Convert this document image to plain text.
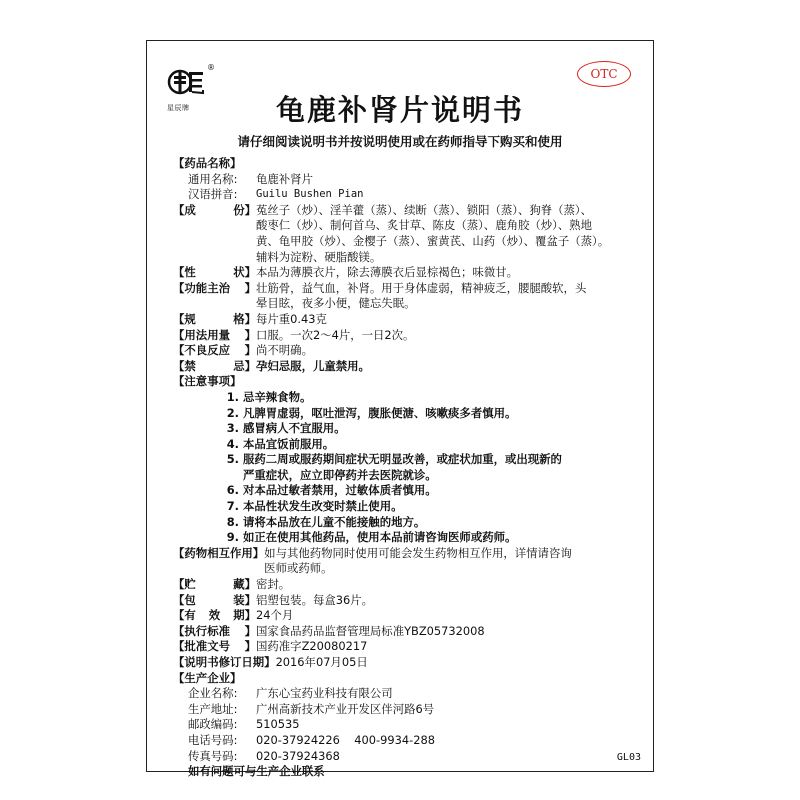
®
星辰牌
OTC
龟鹿补肾片说明书
请仔细阅读说明书并按说明使用或在药师指导下购买和使用
【 药品名称 】
通用名称:	龟鹿补肾片
汉语拼音:	Guilu Bushen Pian
【 成	份 】 菟丝子（炒）、淫羊藿（蒸）、续断（蒸）、锁阳（蒸）、狗脊（蒸）、
酸枣仁（炒）、制何首乌、炙甘草、陈皮（蒸）、鹿角胶（炒）、熟地
黄、龟甲胶（炒）、金樱子（蒸）、蜜黄芪、山药（炒）、覆盆子（蒸）。
辅料为淀粉、硬脂酸镁。
【 性	状 】 本品为薄膜衣片，除去薄膜衣后显棕褐色；味微甘。
【 功能主治	】 壮筋骨，益气血，补肾。用于身体虚弱，精神疲乏，腰腿酸软，头
晕目眩，夜多小便，健忘失眠。
【 规	格 】 每片重0.43克
【 用法用量	】 口服。一次2～4片，一日2次。
【 不良反应	】 尚不明确。
【 禁	忌 】 孕妇忌服，儿童禁用。
【 注意事项 】
1. 忌辛辣食物。
2. 凡脾胃虚弱，呕吐泄泻，腹胀便溏、咳嗽痰多者慎用。
3. 感冒病人不宜服用。
4. 本品宜饭前服用。
5. 服药二周或服药期间症状无明显改善，或症状加重，或出现新的
严重症状，应立即停药并去医院就诊。
6. 对本品过敏者禁用，过敏体质者慎用。
7. 本品性状发生改变时禁止使用。
8. 请将本品放在儿童不能接触的地方。
9. 如正在使用其他药品，使用本品前请咨询医师或药师。
【 药物相互作用 】 如与其他药物同时使用可能会发生药物相互作用，详情请咨询
医师或药师。
【 贮	藏 】 密封。
【 包	装 】 铝塑包装。每盒36片。
【 有 效 期 】 24个月
【 执行标准	】 国家食品药品监督管理局标准YBZ05732008
【 批准文号	】 国药准字Z20080217
【 说明书修订日期 】 2016年07月05日
【 生产企业 】
企业名称:	广东心宝药业科技有限公司
生产地址:	广州高新技术产业开发区伴河路6号
邮政编码:	510535
电话号码:	020-37924226    400-9934-288
传真号码:	020-37924368
如有问题可与生产企业联系
GL03
